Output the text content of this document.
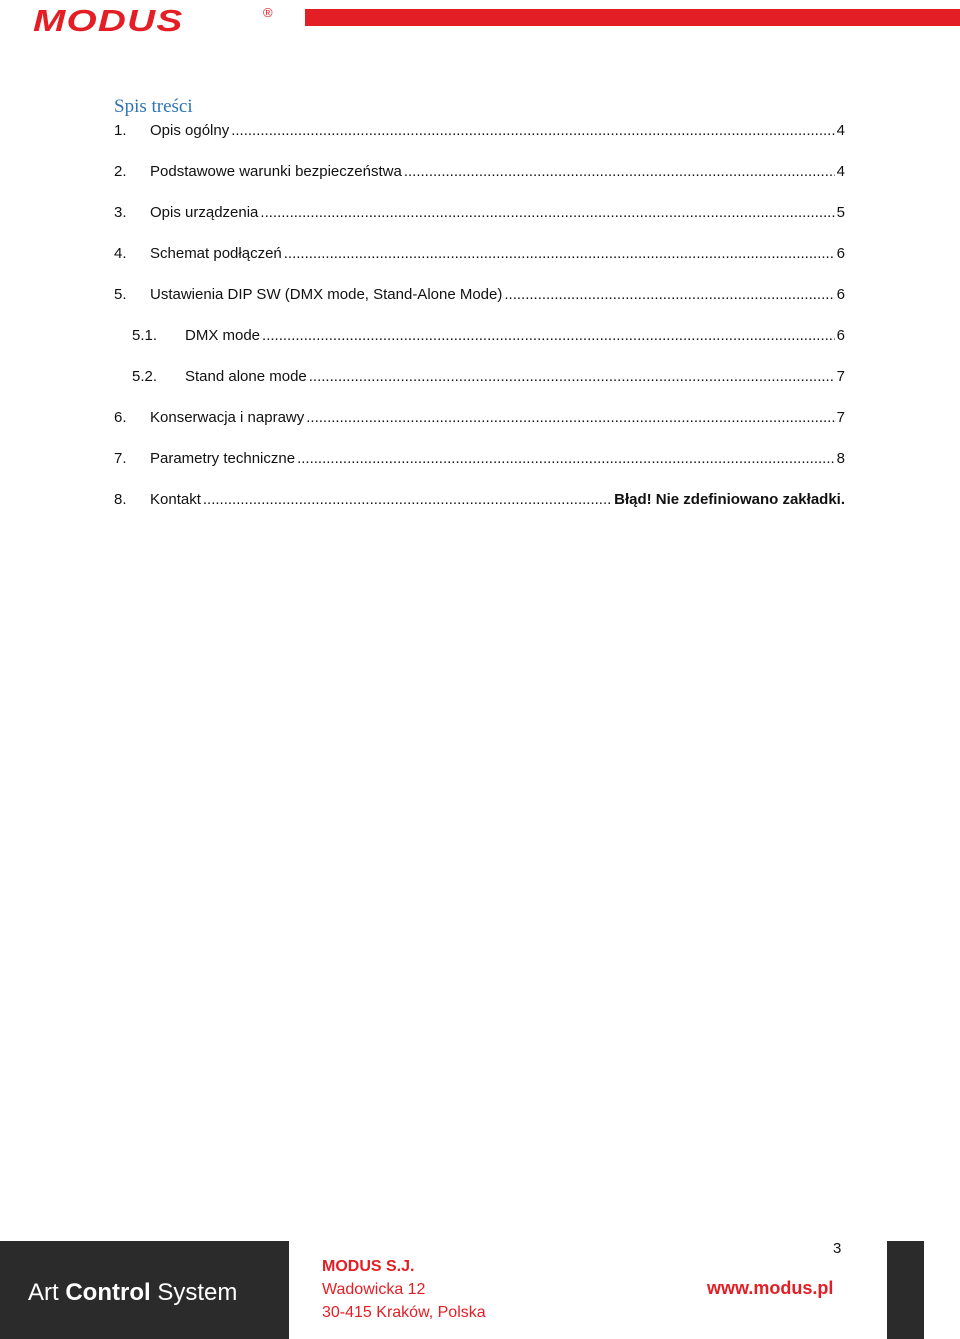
MODUS	®
Spis treści
1.	Opis ogólny .....	4
2.	Podstawowe warunki bezpieczeństwa .....	4
3.	Opis urządzenia .....	5
4.	Schemat podłączeń .....	6
5.	Ustawienia DIP SW (DMX mode, Stand-Alone Mode) .....	6
5.1.	DMX mode .....	6
5.2.	Stand alone mode .....	7
6.	Konserwacja i naprawy .....	7
7.	Parametry techniczne .....	8
8.	Kontakt .....	Błąd! Nie zdefiniowano zakładki.
Art Control System
MODUS S.J.
Wadowicka 12
30-415 Kraków, Polska
3
www.modus.pl
